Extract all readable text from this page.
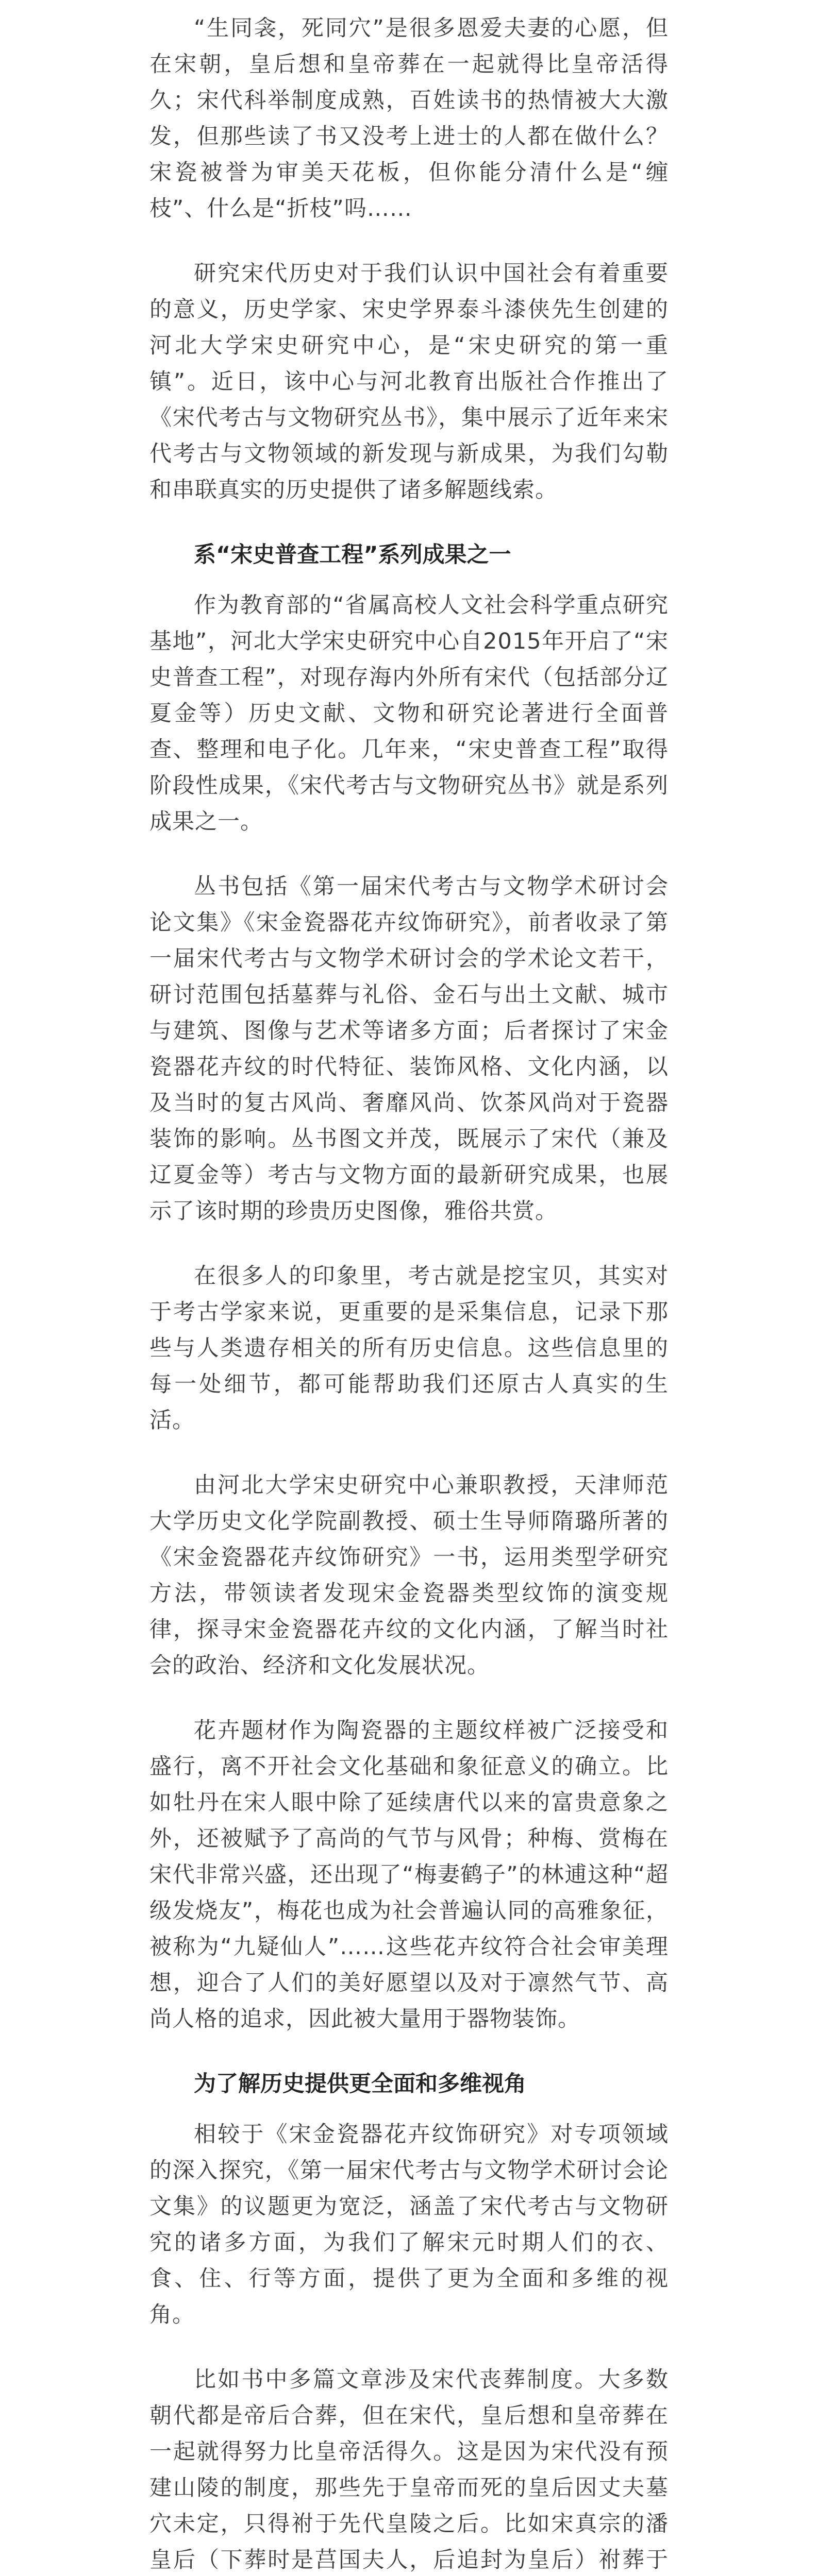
“生同衾，死同穴”是很多恩爱夫妻的心愿，但在宋朝，皇后想和皇帝葬在一起就得比皇帝活得久；宋代科举制度成熟，百姓读书的热情被大大激发，但那些读了书又没考上进士的人都在做什么？宋瓷被誉为审美天花板，但你能分清什么是“缠枝”、什么是“折枝”吗……

研究宋代历史对于我们认识中国社会有着重要的意义，历史学家、宋史学界泰斗漆侠先生创建的河北大学宋史研究中心，是“宋史研究的第一重镇”。近日，该中心与河北教育出版社合作推出了《宋代考古与文物研究丛书》，集中展示了近年来宋代考古与文物领域的新发现与新成果，为我们勾勒和串联真实的历史提供了诸多解题线索。

系“宋史普查工程”系列成果之一

作为教育部的“省属高校人文社会科学重点研究基地”，河北大学宋史研究中心自2015年开启了“宋史普查工程”，对现存海内外所有宋代（包括部分辽夏金等）历史文献、文物和研究论著进行全面普查、整理和电子化。几年来，“宋史普查工程”取得阶段性成果，《宋代考古与文物研究丛书》就是系列成果之一。

丛书包括《第一届宋代考古与文物学术研讨会论文集》《宋金瓷器花卉纹饰研究》，前者收录了第一届宋代考古与文物学术研讨会的学术论文若干，研讨范围包括墓葬与礼俗、金石与出土文献、城市与建筑、图像与艺术等诸多方面；后者探讨了宋金瓷器花卉纹的时代特征、装饰风格、文化内涵，以及当时的复古风尚、奢靡风尚、饮茶风尚对于瓷器装饰的影响。丛书图文并茂，既展示了宋代（兼及辽夏金等）考古与文物方面的最新研究成果，也展示了该时期的珍贵历史图像，雅俗共赏。

在很多人的印象里，考古就是挖宝贝，其实对于考古学家来说，更重要的是采集信息，记录下那些与人类遗存相关的所有历史信息。这些信息里的每一处细节，都可能帮助我们还原古人真实的生活。

由河北大学宋史研究中心兼职教授，天津师范大学历史文化学院副教授、硕士生导师隋璐所著的《宋金瓷器花卉纹饰研究》一书，运用类型学研究方法，带领读者发现宋金瓷器类型纹饰的演变规律，探寻宋金瓷器花卉纹的文化内涵，了解当时社会的政治、经济和文化发展状况。

花卉题材作为陶瓷器的主题纹样被广泛接受和盛行，离不开社会文化基础和象征意义的确立。比如牡丹在宋人眼中除了延续唐代以来的富贵意象之外，还被赋予了高尚的气节与风骨；种梅、赏梅在宋代非常兴盛，还出现了“梅妻鹤子”的林逋这种“超级发烧友”，梅花也成为社会普遍认同的高雅象征，被称为“九疑仙人”……这些花卉纹符合社会审美理想，迎合了人们的美好愿望以及对于凛然气节、高尚人格的追求，因此被大量用于器物装饰。

为了解历史提供更全面和多维视角

相较于《宋金瓷器花卉纹饰研究》对专项领域的深入探究，《第一届宋代考古与文物学术研讨会论文集》的议题更为宽泛，涵盖了宋代考古与文物研究的诸多方面，为我们了解宋元时期人们的衣、食、住、行等方面，提供了更为全面和多维的视角。

比如书中多篇文章涉及宋代丧葬制度。大多数朝代都是帝后合葬，但在宋代，皇后想和皇帝葬在一起就得努力比皇帝活得久。这是因为宋代没有预建山陵的制度，那些先于皇帝而死的皇后因丈夫墓穴未定，只得祔于先代皇陵之后。比如宋真宗的潘皇后（下葬时是莒国夫人，后追封为皇后）祔葬于
